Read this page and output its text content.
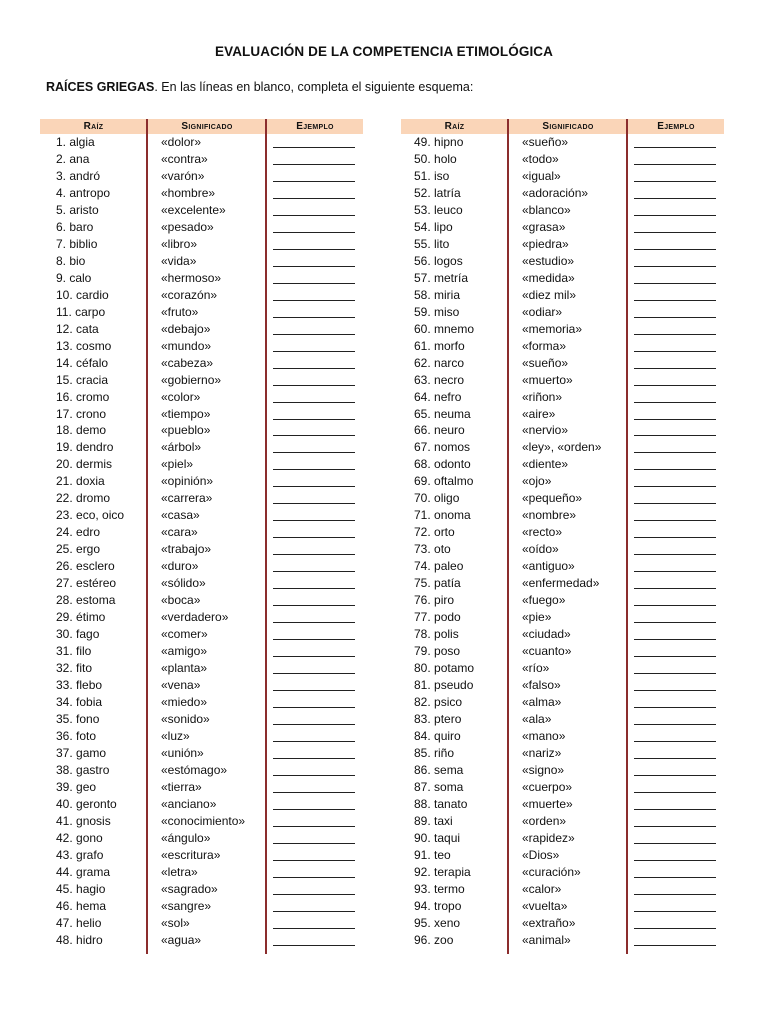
EVALUACIÓN DE LA COMPETENCIA ETIMOLÓGICA
RAÍCES GRIEGAS. En las líneas en blanco, completa el siguiente esquema:
Raíz	Significado	Ejemplo
1. algia	«dolor»
2. ana	«contra»
3. andró	«varón»
4. antropo	«hombre»
5. aristo	«excelente»
6. baro	«pesado»
7. biblio	«libro»
8. bio	«vida»
9. calo	«hermoso»
10. cardio	«corazón»
11. carpo	«fruto»
12. cata	«debajo»
13. cosmo	«mundo»
14. céfalo	«cabeza»
15. cracia	«gobierno»
16. cromo	«color»
17. crono	«tiempo»
18. demo	«pueblo»
19. dendro	«árbol»
20. dermis	«piel»
21. doxia	«opinión»
22. dromo	«carrera»
23. eco, oico	«casa»
24. edro	«cara»
25. ergo	«trabajo»
26. esclero	«duro»
27. estéreo	«sólido»
28. estoma	«boca»
29. étimo	«verdadero»
30. fago	«comer»
31. filo	«amigo»
32. fito	«planta»
33. flebo	«vena»
34. fobia	«miedo»
35. fono	«sonido»
36. foto	«luz»
37. gamo	«unión»
38. gastro	«estómago»
39. geo	«tierra»
40. geronto	«anciano»
41. gnosis	«conocimiento»
42. gono	«ángulo»
43. grafo	«escritura»
44. grama	«letra»
45. hagio	«sagrado»
46. hema	«sangre»
47. helio	«sol»
48. hidro	«agua»
Raíz	Significado	Ejemplo
49. hipno	«sueño»
50. holo	«todo»
51. iso	«igual»
52. latría	«adoración»
53. leuco	«blanco»
54. lipo	«grasa»
55. lito	«piedra»
56. logos	«estudio»
57. metría	«medida»
58. miria	«diez mil»
59. miso	«odiar»
60. mnemo	«memoria»
61. morfo	«forma»
62. narco	«sueño»
63. necro	«muerto»
64. nefro	«riñon»
65. neuma	«aire»
66. neuro	«nervio»
67. nomos	«ley», «orden»
68. odonto	«diente»
69. oftalmo	«ojo»
70. oligo	«pequeño»
71. onoma	«nombre»
72. orto	«recto»
73. oto	«oído»
74. paleo	«antiguo»
75. patía	«enfermedad»
76. piro	«fuego»
77. podo	«pie»
78. polis	«ciudad»
79. poso	«cuanto»
80. potamo	«río»
81. pseudo	«falso»
82. psico	«alma»
83. ptero	«ala»
84. quiro	«mano»
85. riño	«nariz»
86. sema	«signo»
87. soma	«cuerpo»
88. tanato	«muerte»
89. taxi	«orden»
90. taqui	«rapidez»
91. teo	«Dios»
92. terapia	«curación»
93. termo	«calor»
94. tropo	«vuelta»
95. xeno	«extraño»
96. zoo	«animal»
